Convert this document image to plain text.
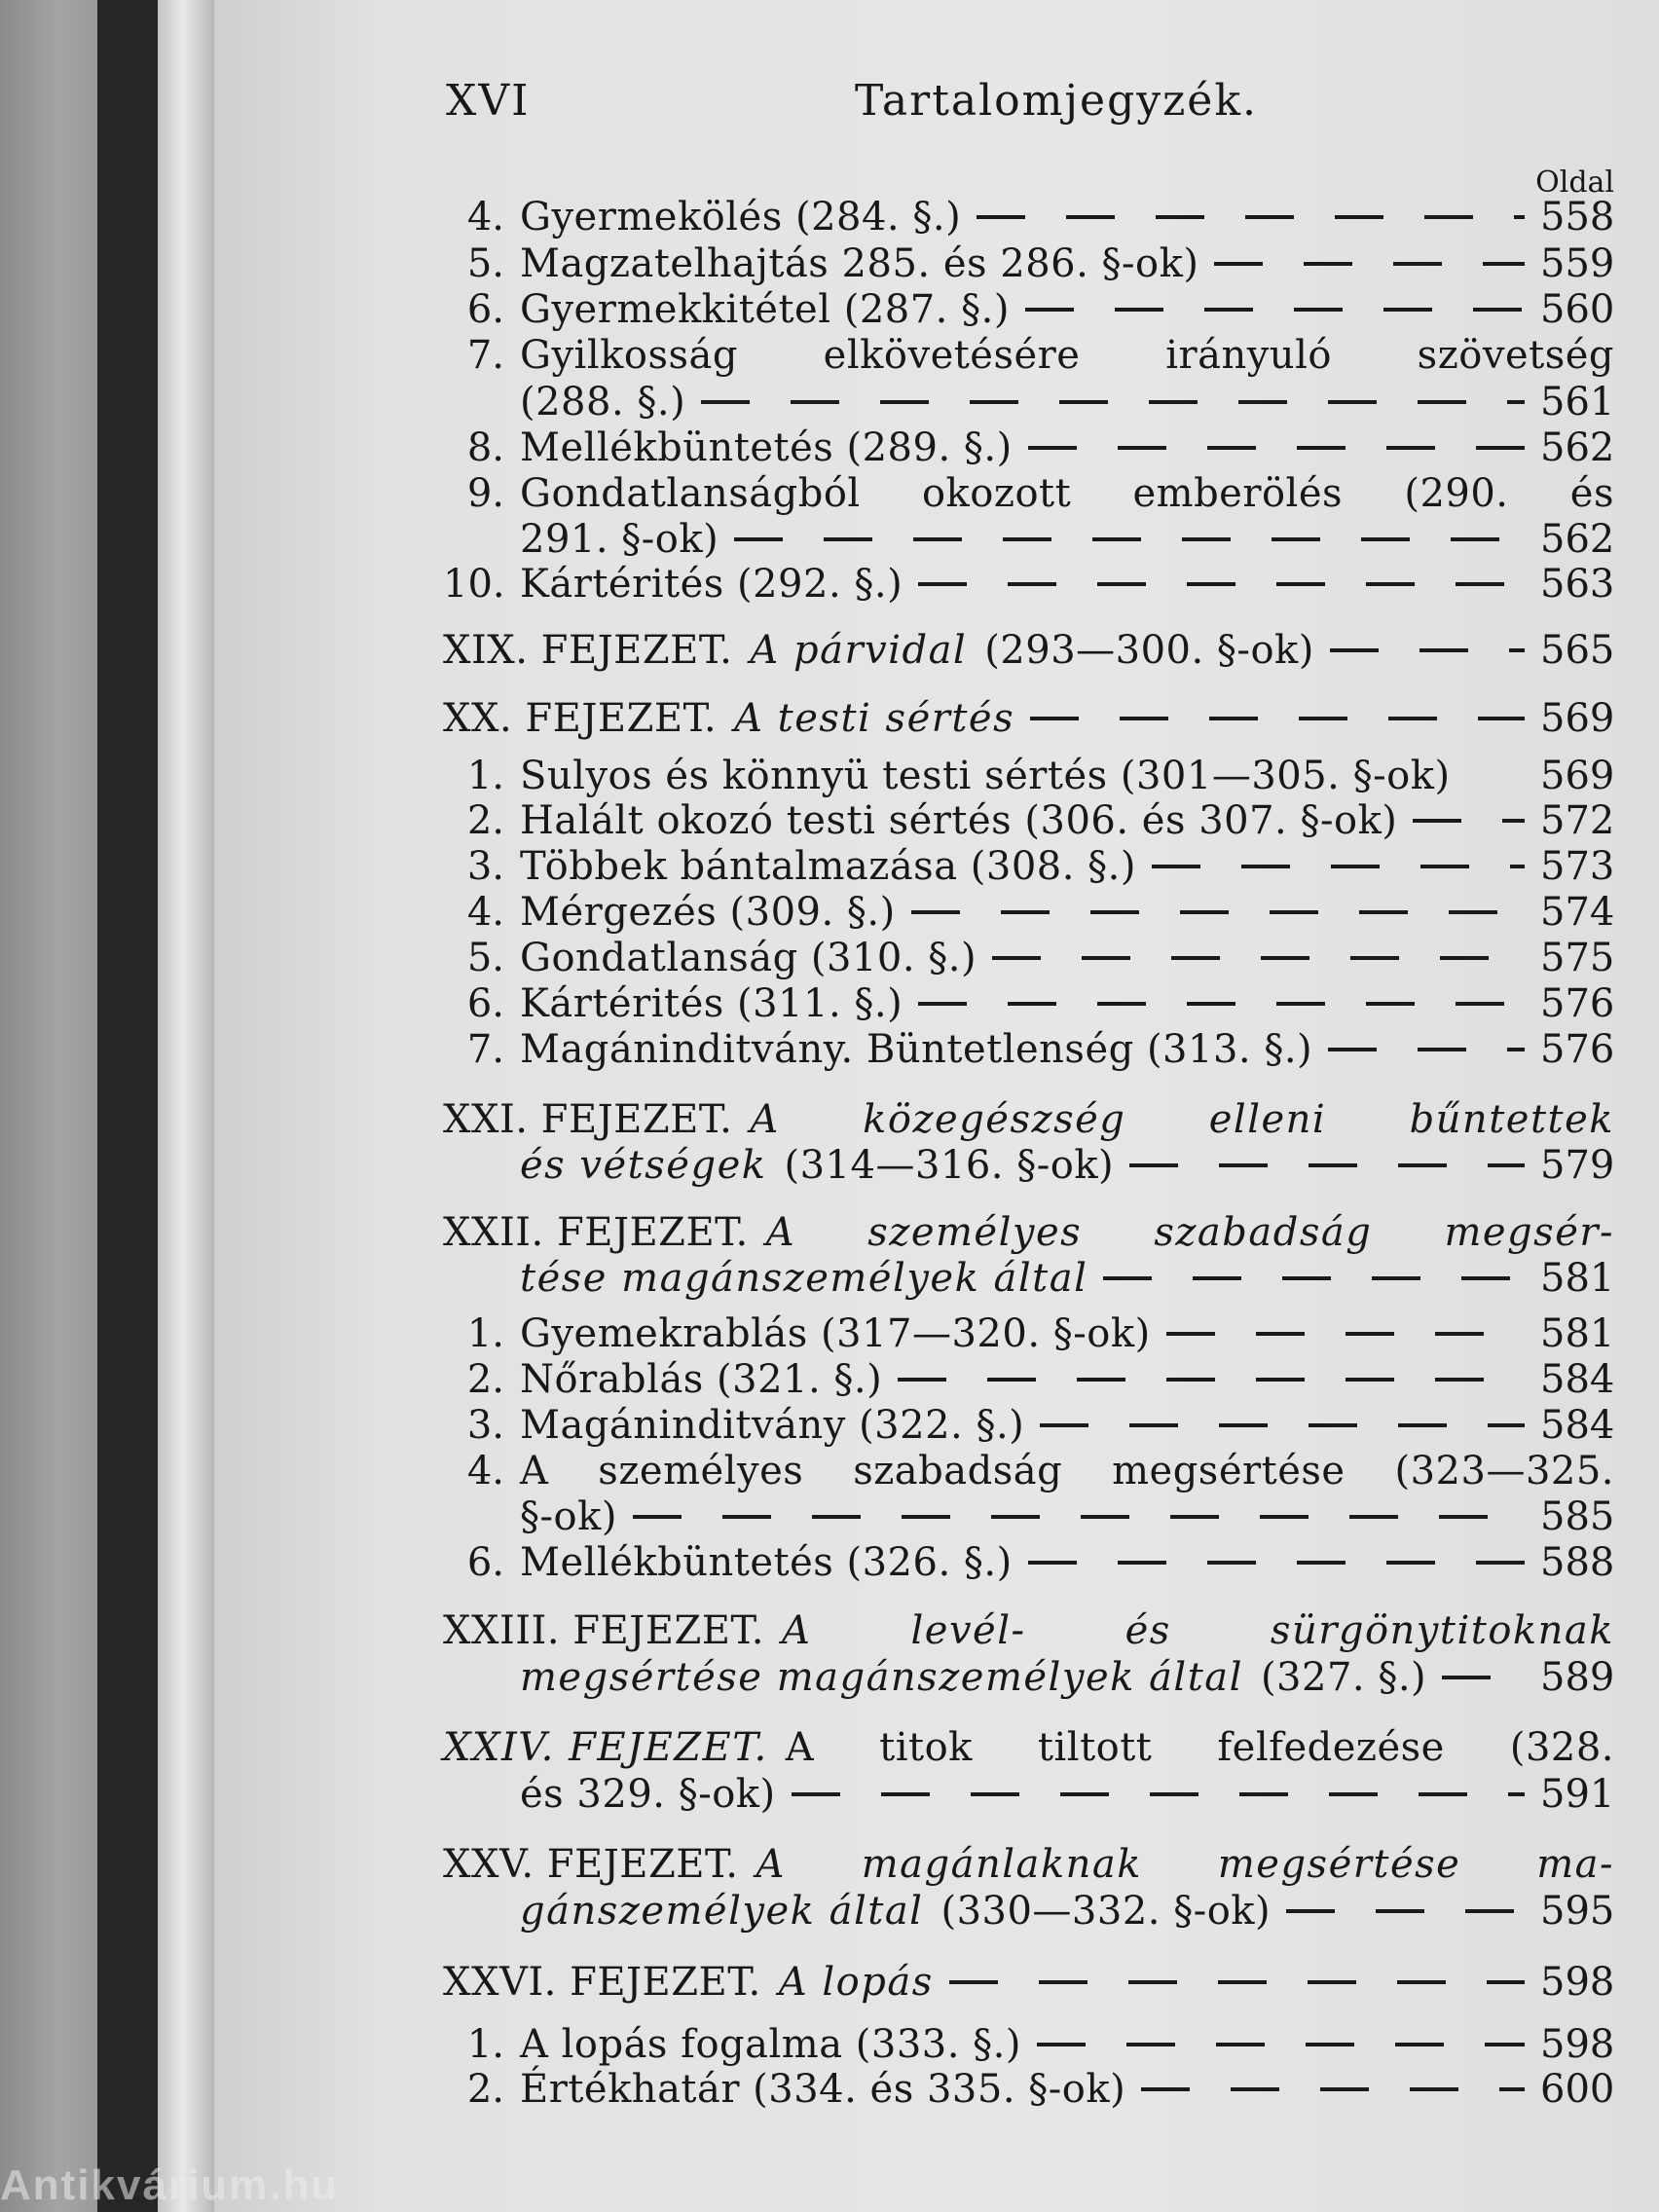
Antikvárium.hu
XVI	Tartalomjegyzék.
Oldal
4. Gyermekölés (284. §.)	558
5. Magzatelhajtás 285. és 286. §-ok)	559
6. Gyermekkitétel (287. §.)	560
7. Gyilkosság elkövetésére irányuló szövetség
(288. §.)	561
8. Mellékbüntetés (289. §.)	562
9. Gondatlanságból okozott emberölés (290. és
291. §-ok)	562
10. Kártérités (292. §.)	563
XIX. FEJEZET. A párvidal (293—300. §-ok)	565
XX. FEJEZET. A testi sértés	569
1. Sulyos és könnyü testi sértés (301—305. §-ok) 569
2. Halált okozó testi sértés (306. és 307. §-ok)	572
3. Többek bántalmazása (308. §.)	573
4. Mérgezés (309. §.)	574
5. Gondatlanság (310. §.)	575
6. Kártérités (311. §.)	576
7. Magáninditvány. Büntetlenség (313. §.)	576
XXI. FEJEZET. A közegészség elleni bűntettek
és vétségek (314—316. §-ok)	579
XXII. FEJEZET. A személyes szabadság megsér-
tése magánszemélyek által	581
1. Gyemekrablás (317—320. §-ok)	581
2. Nőrablás (321. §.)	584
3. Magáninditvány (322. §.)	584
4. A személyes szabadság megsértése (323—325.
§-ok)	585
6. Mellékbüntetés (326. §.)	588
XXIII. FEJEZET. A levél- és sürgönytitoknak
megsértése magánszemélyek által (327. §.)	589
XXIV. FEJEZET. A titok tiltott felfedezése (328.
és 329. §-ok)	591
XXV. FEJEZET. A magánlaknak megsértése ma-
gánszemélyek által (330—332. §-ok)	595
XXVI. FEJEZET. A lopás	598
1. A lopás fogalma (333. §.)	598
2. Értékhatár (334. és 335. §-ok)	600
